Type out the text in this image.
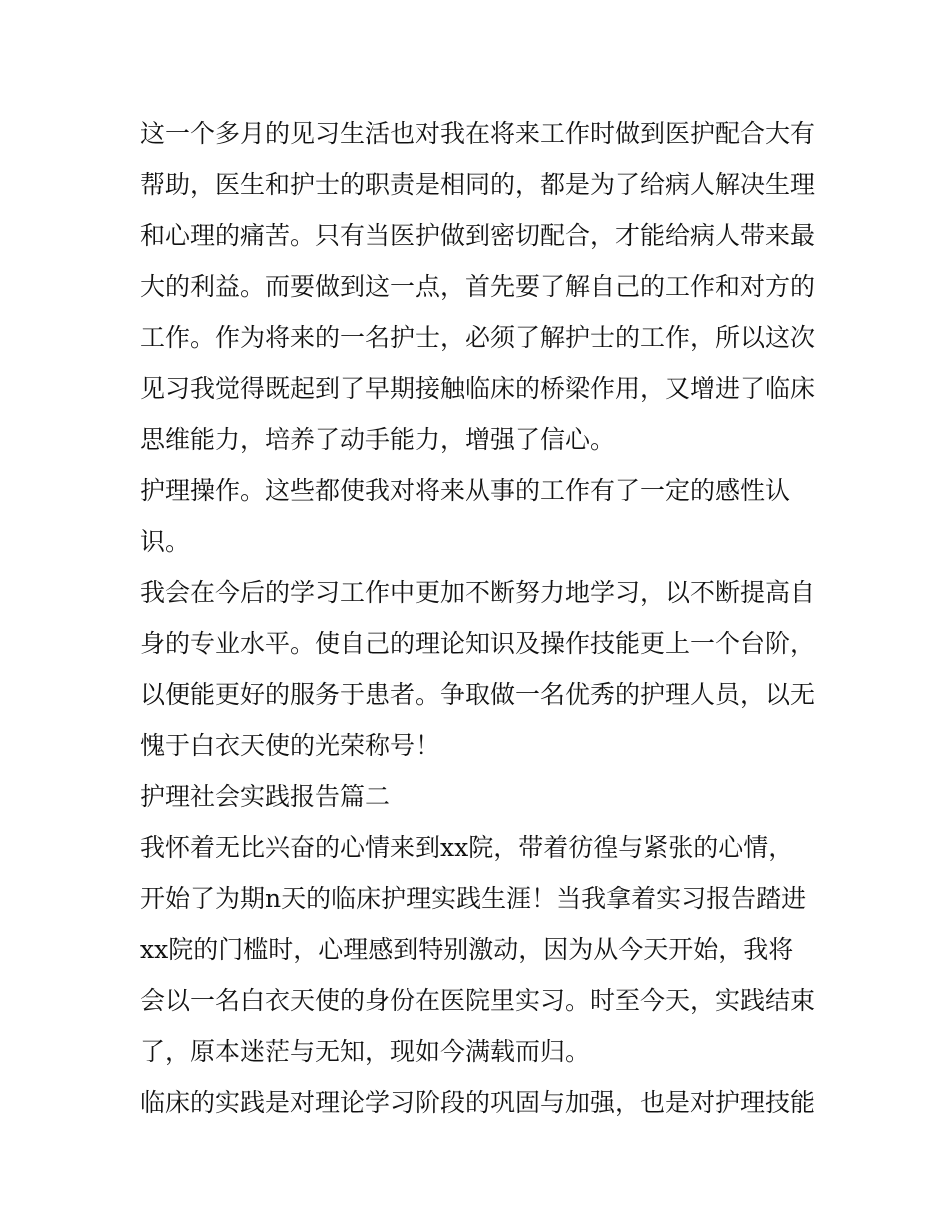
这一个多月的见习生活也对我在将来工作时做到医护配合大有
帮助，医生和护士的职责是相同的，都是为了给病人解决生理
和心理的痛苦。只有当医护做到密切配合，才能给病人带来最
大的利益。而要做到这一点，首先要了解自己的工作和对方的
工作。作为将来的一名护士，必须了解护士的工作，所以这次
见习我觉得既起到了早期接触临床的桥梁作用，又增进了临床
思维能力，培养了动手能力，增强了信心。
护理操作。这些都使我对将来从事的工作有了一定的感性认
识。
我会在今后的学习工作中更加不断努力地学习，以不断提高自
身的专业水平。使自己的理论知识及操作技能更上一个台阶，
以便能更好的服务于患者。争取做一名优秀的护理人员，以无
愧于白衣天使的光荣称号！
护理社会实践报告篇二
我怀着无比兴奋的心情来到xx院，带着彷徨与紧张的心情，
开始了为期n天的临床护理实践生涯！当我拿着实习报告踏进
xx院的门槛时，心理感到特别激动，因为从今天开始，我将
会以一名白衣天使的身份在医院里实习。时至今天，实践结束
了，原本迷茫与无知，现如今满载而归。
临床的实践是对理论学习阶段的巩固与加强，也是对护理技能
